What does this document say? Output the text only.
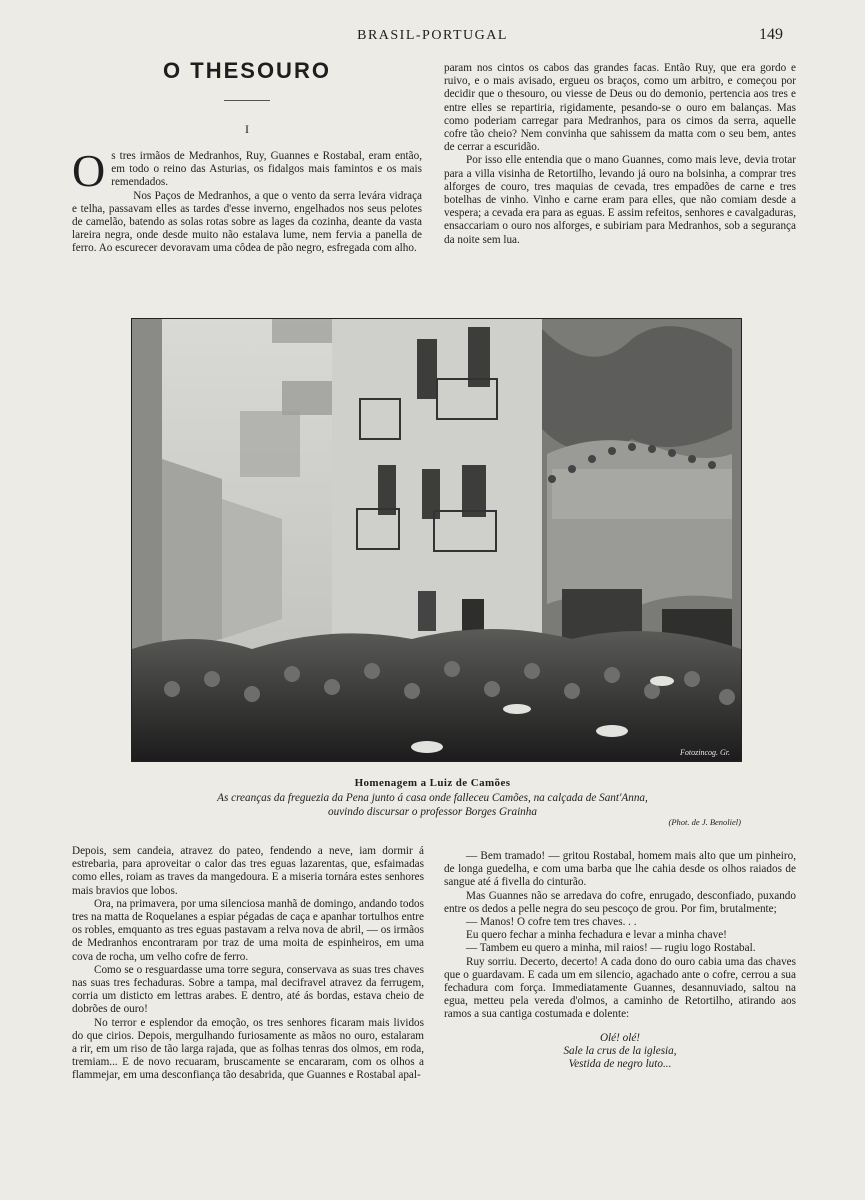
BRASIL-PORTUGAL	149
O THESOURO
I

Os tres irmãos de Medranhos, Ruy, Guannes e Rostabal, eram então, em todo o reino das Asturias, os fidalgos mais famintos e os mais remendados.

Nos Paços de Medranhos, a que o vento da serra levára vidraça e telha, passavam elles as tardes d'esse inverno, engelhados nos seus pelotes de camelão, batendo as solas rotas sobre as lages da cozinha, deante da vasta lareira negra, onde desde muito não estalava lume, nem fervia a panella de ferro. Ao escurecer devoravam uma côdea de pão negro, esfregada com alho.

param nos cintos os cabos das grandes facas. Então Ruy, que era gordo e ruivo, e o mais avisado, ergueu os braços, como um arbitro, e começou por decidir que o thesouro, ou viesse de Deus ou do demonio, pertencia aos tres e entre elles se repartiria, rigidamente, pesando-se o ouro em balanças. Mas como poderiam carregar para Medranhos, para os cimos da serra, aquelle cofre tão cheio? Nem convinha que sahissem da matta com o seu bem, antes de cerrar a escuridão.

Por isso elle entendia que o mano Guannes, como mais leve, devia trotar para a villa visinha de Retortilho, levando já ouro na bolsinha, a comprar tres alforges de couro, tres maquias de cevada, tres empadões de carne e tres botelhas de vinho. Vinho e carne eram para elles, que não comiam desde a vespera; a cevada era para as eguas. E assim refeitos, senhores e cavalgaduras, ensaccariam o ouro nos alforges, e subiriam para Medranhos, sob a segurança da noite sem lua.

Fotozincog. Gr.
Homenagem a Luiz de Camões
As creanças da freguezia da Pena junto á casa onde falleceu Camões, na calçada de Sant'Anna,
ouvindo discursar o professor Borges Grainha
(Phot. de J. Benoliel)

Depois, sem candeia, atravez do pateo, fendendo a neve, iam dormir á estrebaria, para aproveitar o calor das tres eguas lazarentas, que, esfaimadas como elles, roiam as traves da mangedoura. E a miseria tornára estes senhores mais bravios que lobos.

Ora, na primavera, por uma silenciosa manhã de domingo, andando todos tres na matta de Roquelanes a espiar pégadas de caça e apanhar tortulhos entre os robles, emquanto as tres eguas pastavam a relva nova de abril, — os irmãos de Medranhos encontraram por traz de uma moita de espinheiros, em uma cova de rocha, um velho cofre de ferro.

Como se o resguardasse uma torre segura, conservava as suas tres chaves nas suas tres fechaduras. Sobre a tampa, mal decifravel atravez da ferrugem, corria um disticto em lettras arabes. E dentro, até ás bordas, estava cheio de dobrões de ouro!

No terror e esplendor da emoção, os tres senhores ficaram mais lividos do que cirios. Depois, mergulhando furiosamente as mãos no ouro, estalaram a rir, em um riso de tão larga rajada, que as folhas tenras dos olmos, em roda, tremiam... E de novo recuaram, bruscamente se encararam, com os olhos a flammejar, em uma desconfiança tão desabrida, que Guannes e Rostabal apal-

— Bem tramado! — gritou Rostabal, homem mais alto que um pinheiro, de longa guedelha, e com uma barba que lhe cahia desde os olhos raiados de sangue até á fivella do cinturão.

Mas Guannes não se arredava do cofre, enrugado, desconfiado, puxando entre os dedos a pelle negra do seu pescoço de grou. Por fim, brutalmente;

— Manos! O cofre tem tres chaves. . .

Eu quero fechar a minha fechadura e levar a minha chave!

— Tambem eu quero a minha, mil raios! — rugiu logo Rostabal.

Ruy sorriu. Decerto, decerto! A cada dono do ouro cabia uma das chaves que o guardavam. E cada um em silencio, agachado ante o cofre, cerrou a sua fechadura com força. Immediatamente Guannes, desannuviado, saltou na egua, metteu pela vereda d'olmos, a caminho de Retortilho, atirando aos ramos a sua cantiga costumada e dolente:

Olé! olé!
Sale la crus de la iglesia,
Vestida de negro luto...
